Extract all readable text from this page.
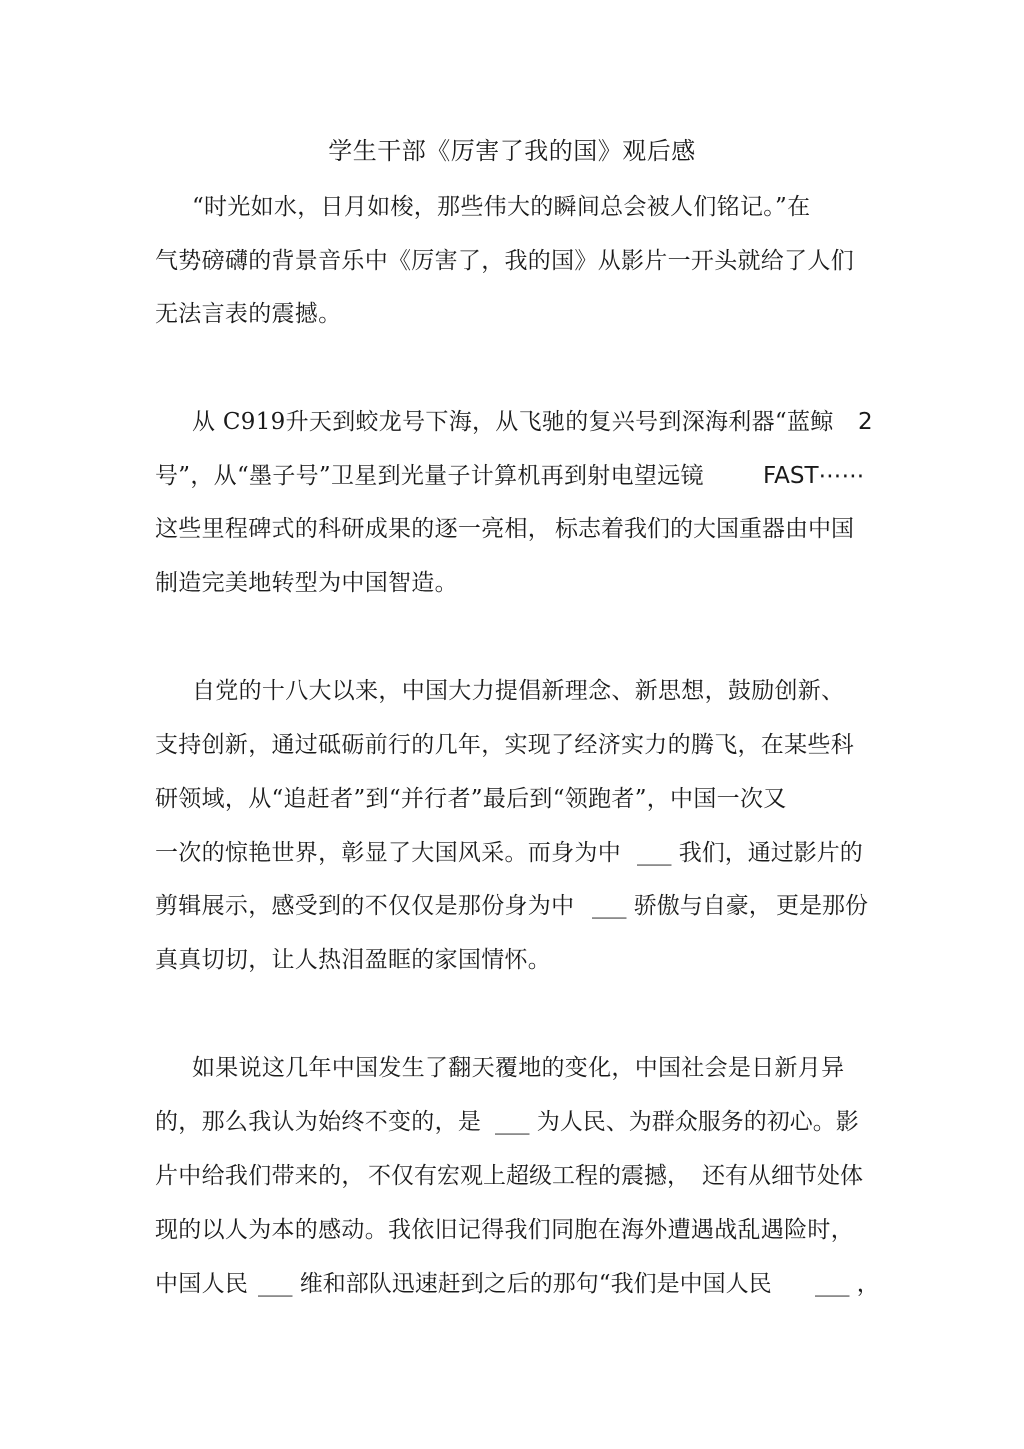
学生干部《厉害了我的国》观后感
“时光如水，日月如梭，那些伟大的瞬间总会被人们铭记。”在
气势磅礴的背景音乐中《厉害了，我的国》从影片一开头就给了人们
无法言表的震撼。
从 C919升天到蛟龙号下海，从飞驰的复兴号到深海利器“蓝鲸	2
号”，从“墨子号”卫星到光量子计算机再到射电望远镜	FAST⋯⋯
这些里程碑式的科研成果的逐一亮相， 标志着我们的大国重器由中国
制造完美地转型为中国智造。
自党的十八大以来，中国大力提倡新理念、新思想，鼓励创新、
支持创新，通过砥砺前行的几年，实现了经济实力的腾飞，在某些科
研领域，从“追赶者”到“并行者”最后到“领跑者”，中国一次又
一次的惊艳世界，彰显了大国风采。而身为中 ___ 我们，通过影片的
剪辑展示，感受到的不仅仅是那份身为中 ___ 骄傲与自豪， 更是那份
真真切切，让人热泪盈眶的家国情怀。
如果说这几年中国发生了翻天覆地的变化，中国社会是日新月异
的，那么我认为始终不变的，是 ___ 为人民、为群众服务的初心。影
片中给我们带来的， 不仅有宏观上超级工程的震撼， 还有从细节处体
现的以人为本的感动。我依旧记得我们同胞在海外遭遇战乱遇险时，
中国人民 ___ 维和部队迅速赶到之后的那句“我们是中国人民 ___ ，
